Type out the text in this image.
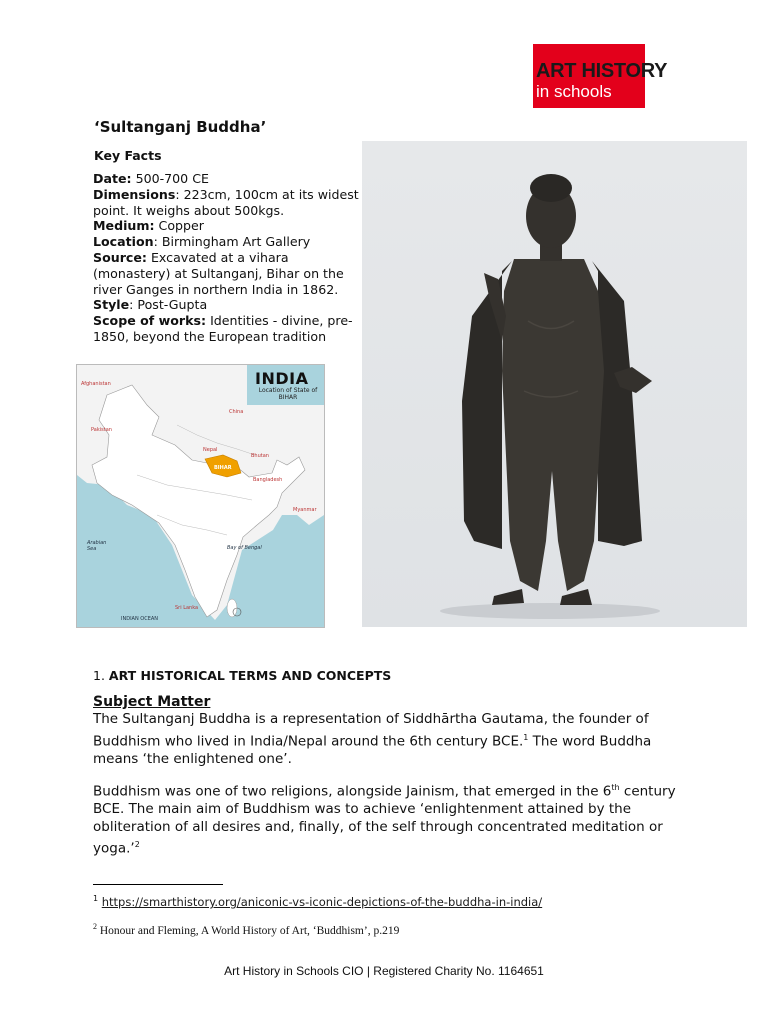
ART HISTORY
in schools
‘Sultanganj Buddha’
Key Facts

Date: 500-700 CE

Dimensions: 223cm, 100cm at its widest point. It weighs about 500kgs.

Medium: Copper

Location: Birmingham Art Gallery

Source: Excavated at a vihara (monastery) at Sultanganj, Bihar on the river Ganges in northern India in 1862.

Style: Post-Gupta

Scope of works: Identities - divine, pre-1850, beyond the European tradition

INDIA
Location of State of BIHAR
Afghanistan
Pakistan
China
Nepal
Bhutan
BIHAR
Bangladesh
Myanmar
Arabian Sea	Bay of Bengal
INDIAN OCEAN
Sri Lanka
1. ART HISTORICAL TERMS AND CONCEPTS
Subject Matter
The Sultanganj Buddha is a representation of Siddhārtha Gautama, the founder of Buddhism who lived in India/Nepal around the 6th century BCE.$^1$ The word Buddha means ‘the enlightened one’.
Buddhism was one of two religions, alongside Jainism, that emerged in the 6th century BCE. The main aim of Buddhism was to achieve ‘enlightenment attained by the obliteration of all desires and, finally, of the self through concentrated meditation or yoga.’$^2$
$^1$ https://smarthistory.org/aniconic-vs-iconic-depictions-of-the-buddha-in-india/
$^2$ Honour and Fleming, A World History of Art, ‘Buddhism’, p.219
Art History in Schools CIO | Registered Charity No. 1164651
